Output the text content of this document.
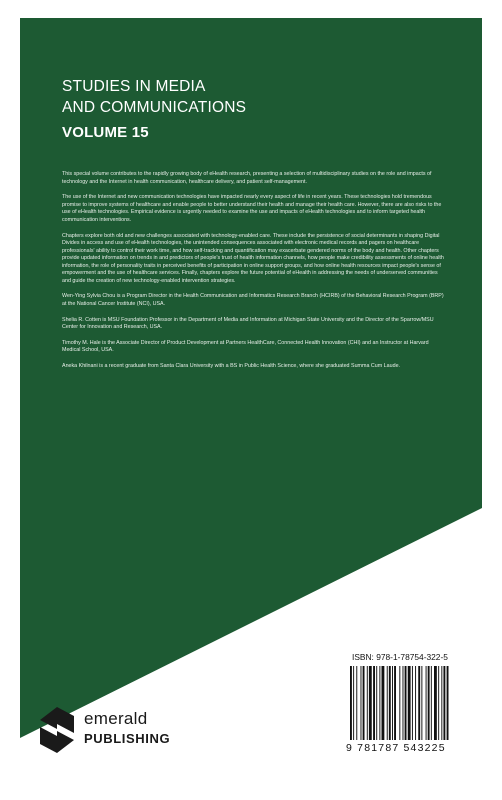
STUDIES IN MEDIA
AND COMMUNICATIONS
VOLUME 15

This special volume contributes to the rapidly growing body of eHealth research, presenting a selection of multidisciplinary studies on the role and impacts of technology and the Internet in health communication, healthcare delivery, and patient self-management.

The use of the Internet and new communication technologies have impacted nearly every aspect of life in recent years. These technologies hold tremendous promise to improve systems of healthcare and enable people to better understand their health and manage their health care. However, there are also risks to the use of eHealth technologies. Empirical evidence is urgently needed to examine the use and impacts of eHealth technologies and to inform targeted health communication interventions.

Chapters explore both old and new challenges associated with technology-enabled care. These include the persistence of social determinants in shaping Digital Divides in access and use of eHealth technologies, the unintended consequences associated with electronic medical records and pagers on healthcare professionals' ability to control their work time, and how self-tracking and quantification may exacerbate gendered norms of the body and health. Other chapters provide updated information on trends in and predictors of people's trust of health information channels, how people make credibility assessments of online health information, the role of personality traits in perceived benefits of participation in online support groups, and how online health resources impact people's sense of empowerment and the use of healthcare services. Finally, chapters explore the future potential of eHealth in addressing the needs of underserved communities and guide the creation of new technology-enabled intervention strategies.

Wen-Ying Sylvia Chou is a Program Director in the Health Communication and Informatics Research Branch (HCIRB) of the Behavioral Research Program (BRP) at the National Cancer Institute (NCI), USA.

Shelia R. Cotten is MSU Foundation Professor in the Department of Media and Information at Michigan State University and the Director of the Sparrow/MSU Center for Innovation and Research, USA.

Timothy M. Hale is the Associate Director of Product Development at Partners HealthCare, Connected Health Innovation (CHI) and an Instructor at Harvard Medical School, USA.

Aneka Khilnani is a recent graduate from Santa Clara University with a BS in Public Health Science, where she graduated Summa Cum Laude.

ISBN: 978-1-78754-322-5
9 781787 543225
emerald
PUBLISHING
